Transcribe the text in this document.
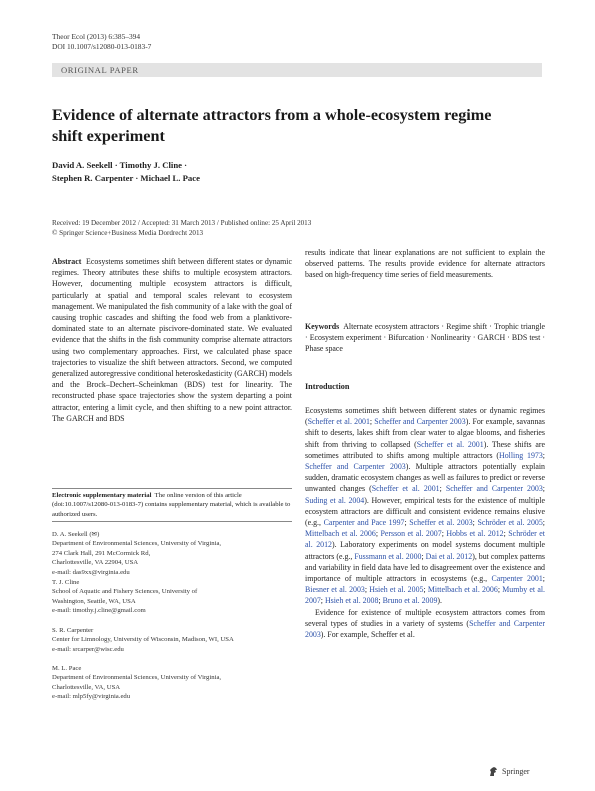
Theor Ecol (2013) 6:385–394
DOI 10.1007/s12080-013-0183-7
ORIGINAL PAPER
Evidence of alternate attractors from a whole-ecosystem regime shift experiment
David A. Seekell · Timothy J. Cline ·
Stephen R. Carpenter · Michael L. Pace
Received: 19 December 2012 / Accepted: 31 March 2013 / Published online: 25 April 2013
© Springer Science+Business Media Dordrecht 2013
Abstract Ecosystems sometimes shift between different states or dynamic regimes. Theory attributes these shifts to multiple ecosystem attractors. However, documenting multiple ecosystem attractors is difficult, particularly at spatial and temporal scales relevant to ecosystem management. We manipulated the fish community of a lake with the goal of causing trophic cascades and shifting the food web from a planktivore-dominated state to an alternate piscivore-dominated state. We evaluated evidence that the shifts in the fish community comprise alternate attractors using two complementary approaches. First, we calculated phase space trajectories to visualize the shift between attractors. Second, we computed generalized autoregressive conditional heteroskedasticity (GARCH) models and the Brock–Dechert–Scheinkman (BDS) test for linearity. The reconstructed phase space trajectories show the system departing a point attractor, entering a limit cycle, and then shifting to a new point attractor. The GARCH and BDS
results indicate that linear explanations are not sufficient to explain the observed patterns. The results provide evidence for alternate attractors based on high-frequency time series of field measurements.
Keywords Alternate ecosystem attractors · Regime shift · Trophic triangle · Ecosystem experiment · Bifurcation · Nonlinearity · GARCH · BDS test · Phase space
Introduction

Ecosystems sometimes shift between different states or dynamic regimes (Scheffer et al. 2001; Scheffer and Carpenter 2003). For example, savannas shift to deserts, lakes shift from clear water to algae blooms, and fisheries shift from thriving to collapsed (Scheffer et al. 2001). These shifts are sometimes attributed to shifts among multiple attractors (Holling 1973; Scheffer and Carpenter 2003). Multiple attractors potentially explain sudden, dramatic ecosystem changes as well as failures to predict or reverse unwanted changes (Scheffer et al. 2001; Scheffer and Carpenter 2003; Suding et al. 2004). However, empirical tests for the existence of multiple ecosystem attractors are difficult and consistent evidence remains elusive (e.g., Carpenter and Pace 1997; Scheffer et al. 2003; Schröder et al. 2005; Mittelbach et al. 2006; Persson et al. 2007; Hobbs et al. 2012; Schröder et al. 2012). Laboratory experiments on model systems document multiple attractors (e.g., Fussmann et al. 2000; Dai et al. 2012), but complex patterns and variability in field data have led to disagreement over the existence and importance of multiple attractors in ecosystems (e.g., Carpenter 2001; Biesner et al. 2003; Hsieh et al. 2005; Mittelbach et al. 2006; Mumby et al. 2007; Hsieh et al. 2008; Bruno et al. 2009).

Evidence for existence of multiple ecosystem attractors comes from several types of studies in a variety of systems (Scheffer and Carpenter 2003). For example, Scheffer et al.

Electronic supplementary material The online version of this article (doi:10.1007/s12080-013-0183-7) contains supplementary material, which is available to authorized users.
D. A. Seekell (✉)
Department of Environmental Sciences, University of Virginia,
274 Clark Hall, 291 McCormick Rd,
Charlottesville, VA 22904, USA
e-mail: das9xx@virginia.edu
T. J. Cline
School of Aquatic and Fishery Sciences, University of
Washington, Seattle, WA, USA
e-mail: timothy.j.cline@gmail.com
S. R. Carpenter
Center for Limnology, University of Wisconsin, Madison, WI, USA
e-mail: srcarper@wisc.edu
M. L. Pace
Department of Environmental Sciences, University of Virginia,
Charlottesville, VA, USA
e-mail: mlp5fy@virginia.edu
Springer
